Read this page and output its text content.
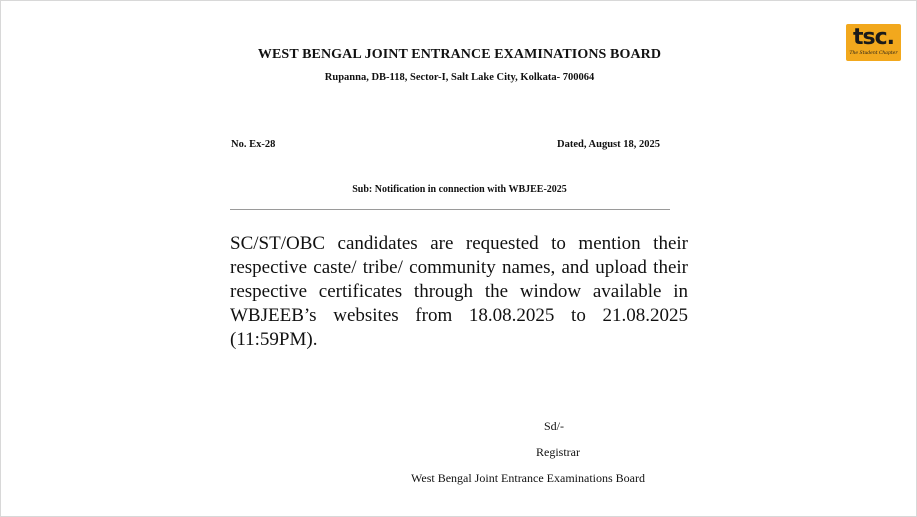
WEST BENGAL JOINT ENTRANCE EXAMINATIONS BOARD
Rupanna, DB-118, Sector-I, Salt Lake City, Kolkata- 700064
No. Ex-28	Dated, August 18, 2025
Sub: Notification in connection with WBJEE-2025
SC/ST/OBC candidates are requested to mention their respective caste/ tribe/ community names, and upload their respective certificates through the window available in WBJEEB’s websites from 18.08.2025 to 21.08.2025 (11:59PM).
Sd/-
Registrar
West Bengal Joint Entrance Examinations Board
tsc.
The Student Chapter
